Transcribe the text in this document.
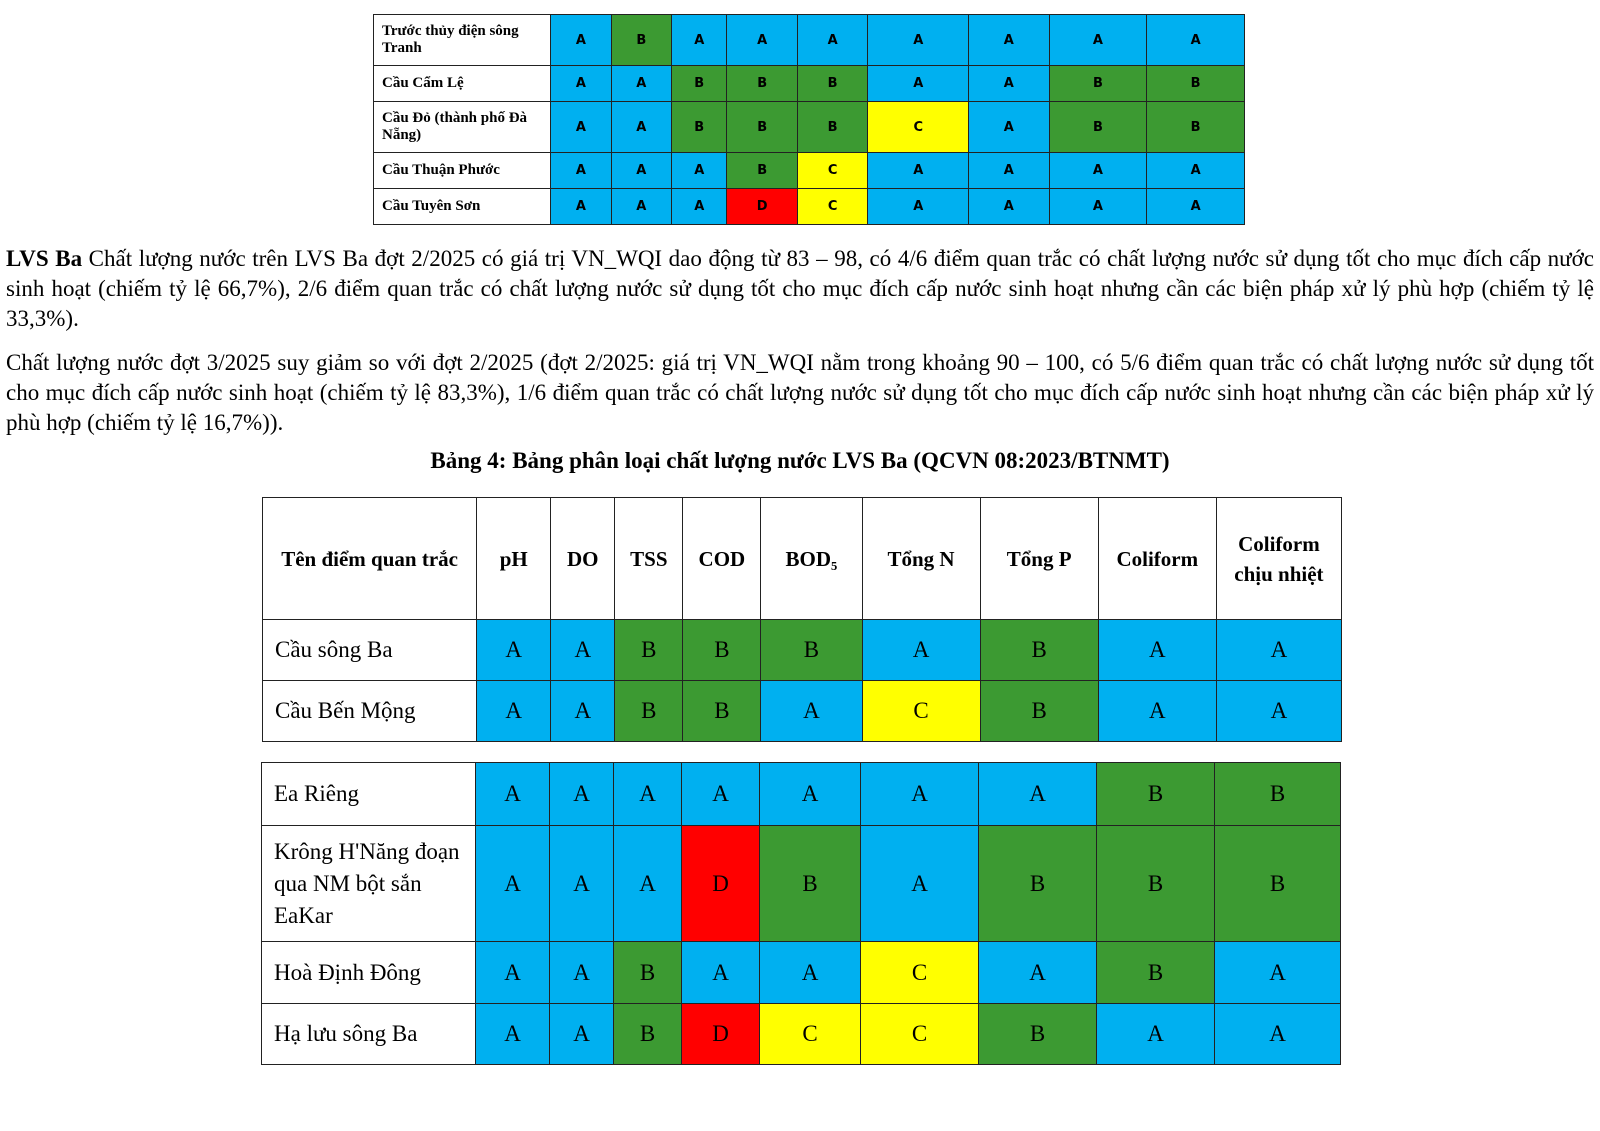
Trước thủy điện sông Tranh	A	B	A	A	A	A	A	A	A
Cầu Cẩm Lệ	A	A	B	B	B	A	A	B	B
Cầu Đỏ (thành phố Đà Nẵng)	A	A	B	B	B	C	A	B	B
Cầu Thuận Phước	A	A	A	B	C	A	A	A	A
Cầu Tuyên Sơn	A	A	A	D	C	A	A	A	A

LVS Ba Chất lượng nước trên LVS Ba đợt 2/2025 có giá trị VN_WQI dao động từ 83 – 98, có 4/6 điểm quan trắc có chất lượng nước sử dụng tốt cho mục đích cấp nước sinh hoạt (chiếm tỷ lệ 66,7%), 2/6 điểm quan trắc có chất lượng nước sử dụng tốt cho mục đích cấp nước sinh hoạt nhưng cần các biện pháp xử lý phù hợp (chiếm tỷ lệ 33,3%).

Chất lượng nước đợt 3/2025 suy giảm so với đợt 2/2025 (đợt 2/2025: giá trị VN_WQI nằm trong khoảng 90 – 100, có 5/6 điểm quan trắc có chất lượng nước sử dụng tốt cho mục đích cấp nước sinh hoạt (chiếm tỷ lệ 83,3%), 1/6 điểm quan trắc có chất lượng nước sử dụng tốt cho mục đích cấp nước sinh hoạt nhưng cần các biện pháp xử lý phù hợp (chiếm tỷ lệ 16,7%)).

Bảng 4: Bảng phân loại chất lượng nước LVS Ba (QCVN 08:2023/BTNMT)

Tên điểm quan trắc	pH	DO	TSS	COD	BOD₅	Tổng N	Tổng P	Coliform	Coliform chịu nhiệt
Cầu sông Ba	A	A	B	B	B	A	B	A	A
Cầu Bến Mộng	A	A	B	B	A	C	B	A	A
Ea Riêng	A	A	A	A	A	A	A	B	B
Krông H'Năng đoạn qua NM bột sắn EaKar	A	A	A	D	B	A	B	B	B
Hoà Định Đông	A	A	B	A	A	C	A	B	A
Hạ lưu sông Ba	A	A	B	D	C	C	B	A	A
